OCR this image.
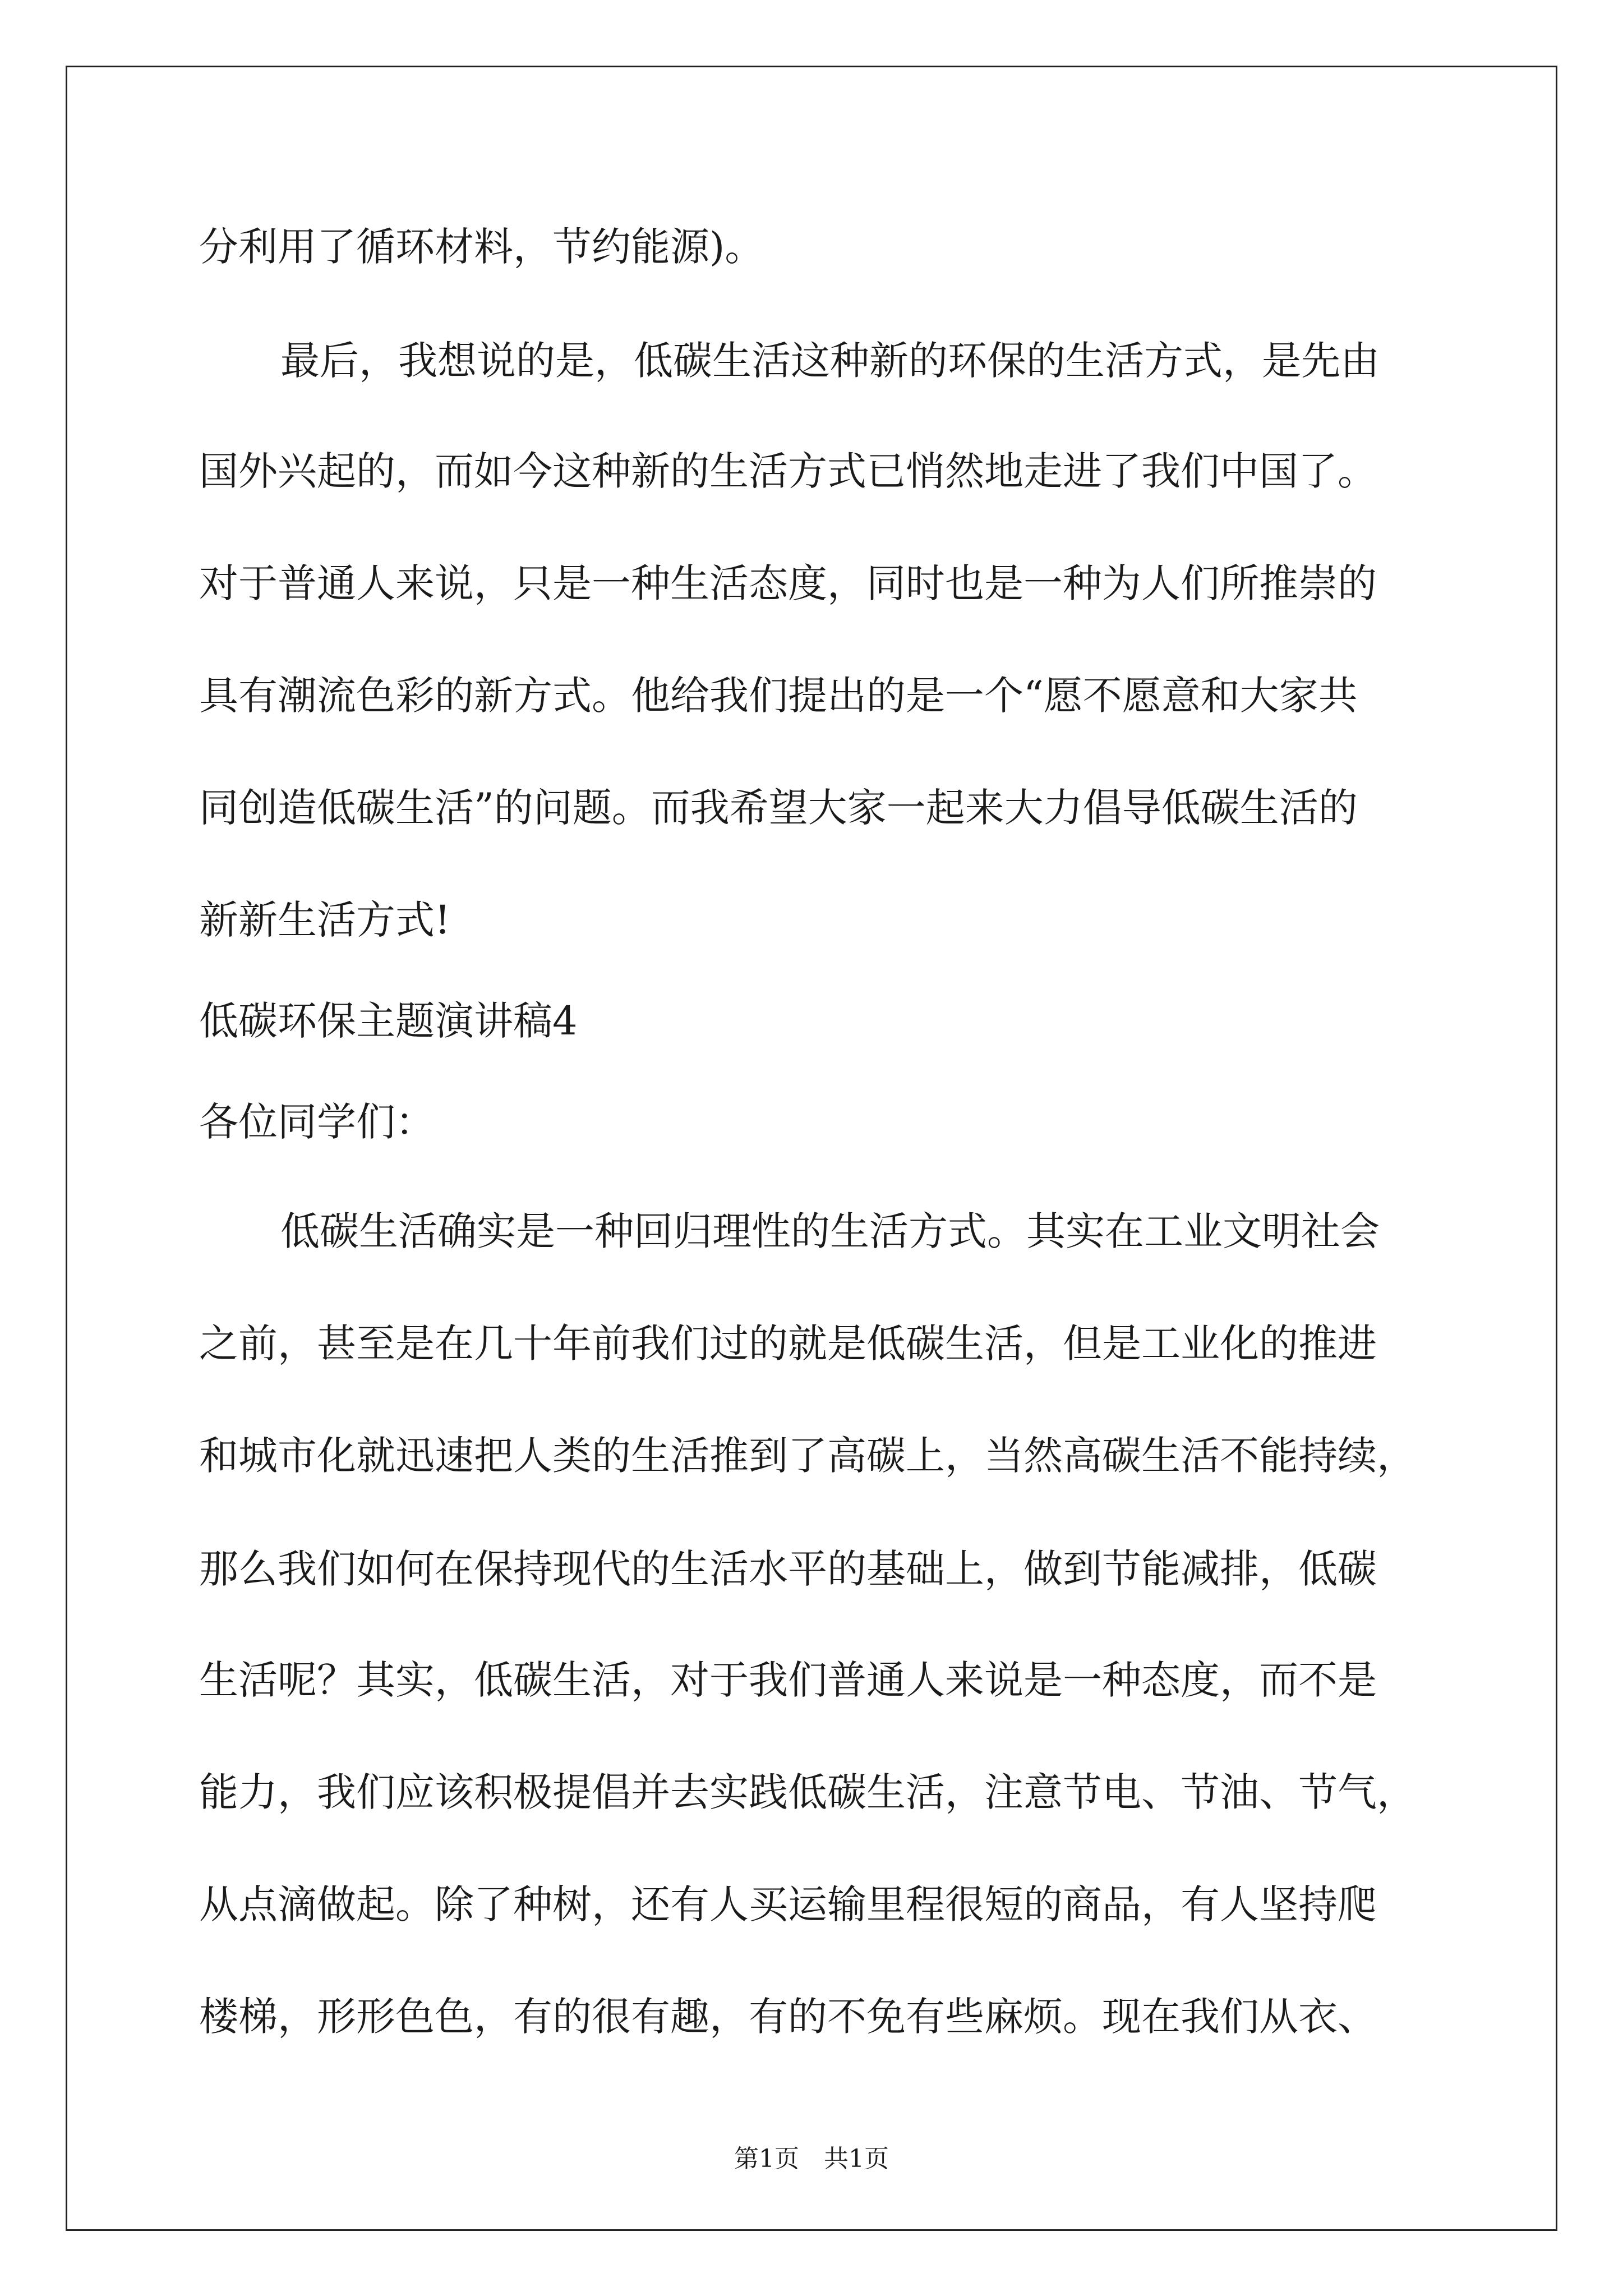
分利用了循环材料，节约能源)。
最后，我想说的是，低碳生活这种新的环保的生活方式，是先由
国外兴起的，而如今这种新的生活方式已悄然地走进了我们中国了。
对于普通人来说，只是一种生活态度，同时也是一种为人们所推崇的
具有潮流色彩的新方式。他给我们提出的是一个“愿不愿意和大家共
同创造低碳生活”的问题。而我希望大家一起来大力倡导低碳生活的
新新生活方式!
低碳环保主题演讲稿4
各位同学们：
低碳生活确实是一种回归理性的生活方式。其实在工业文明社会
之前，甚至是在几十年前我们过的就是低碳生活，但是工业化的推进
和城市化就迅速把人类的生活推到了高碳上，当然高碳生活不能持续，
那么我们如何在保持现代的生活水平的基础上，做到节能减排，低碳
生活呢？其实，低碳生活，对于我们普通人来说是一种态度，而不是
能力，我们应该积极提倡并去实践低碳生活，注意节电、节油、节气，
从点滴做起。除了种树，还有人买运输里程很短的商品，有人坚持爬
楼梯，形形色色，有的很有趣，有的不免有些麻烦。现在我们从衣、
第1页　共1页
